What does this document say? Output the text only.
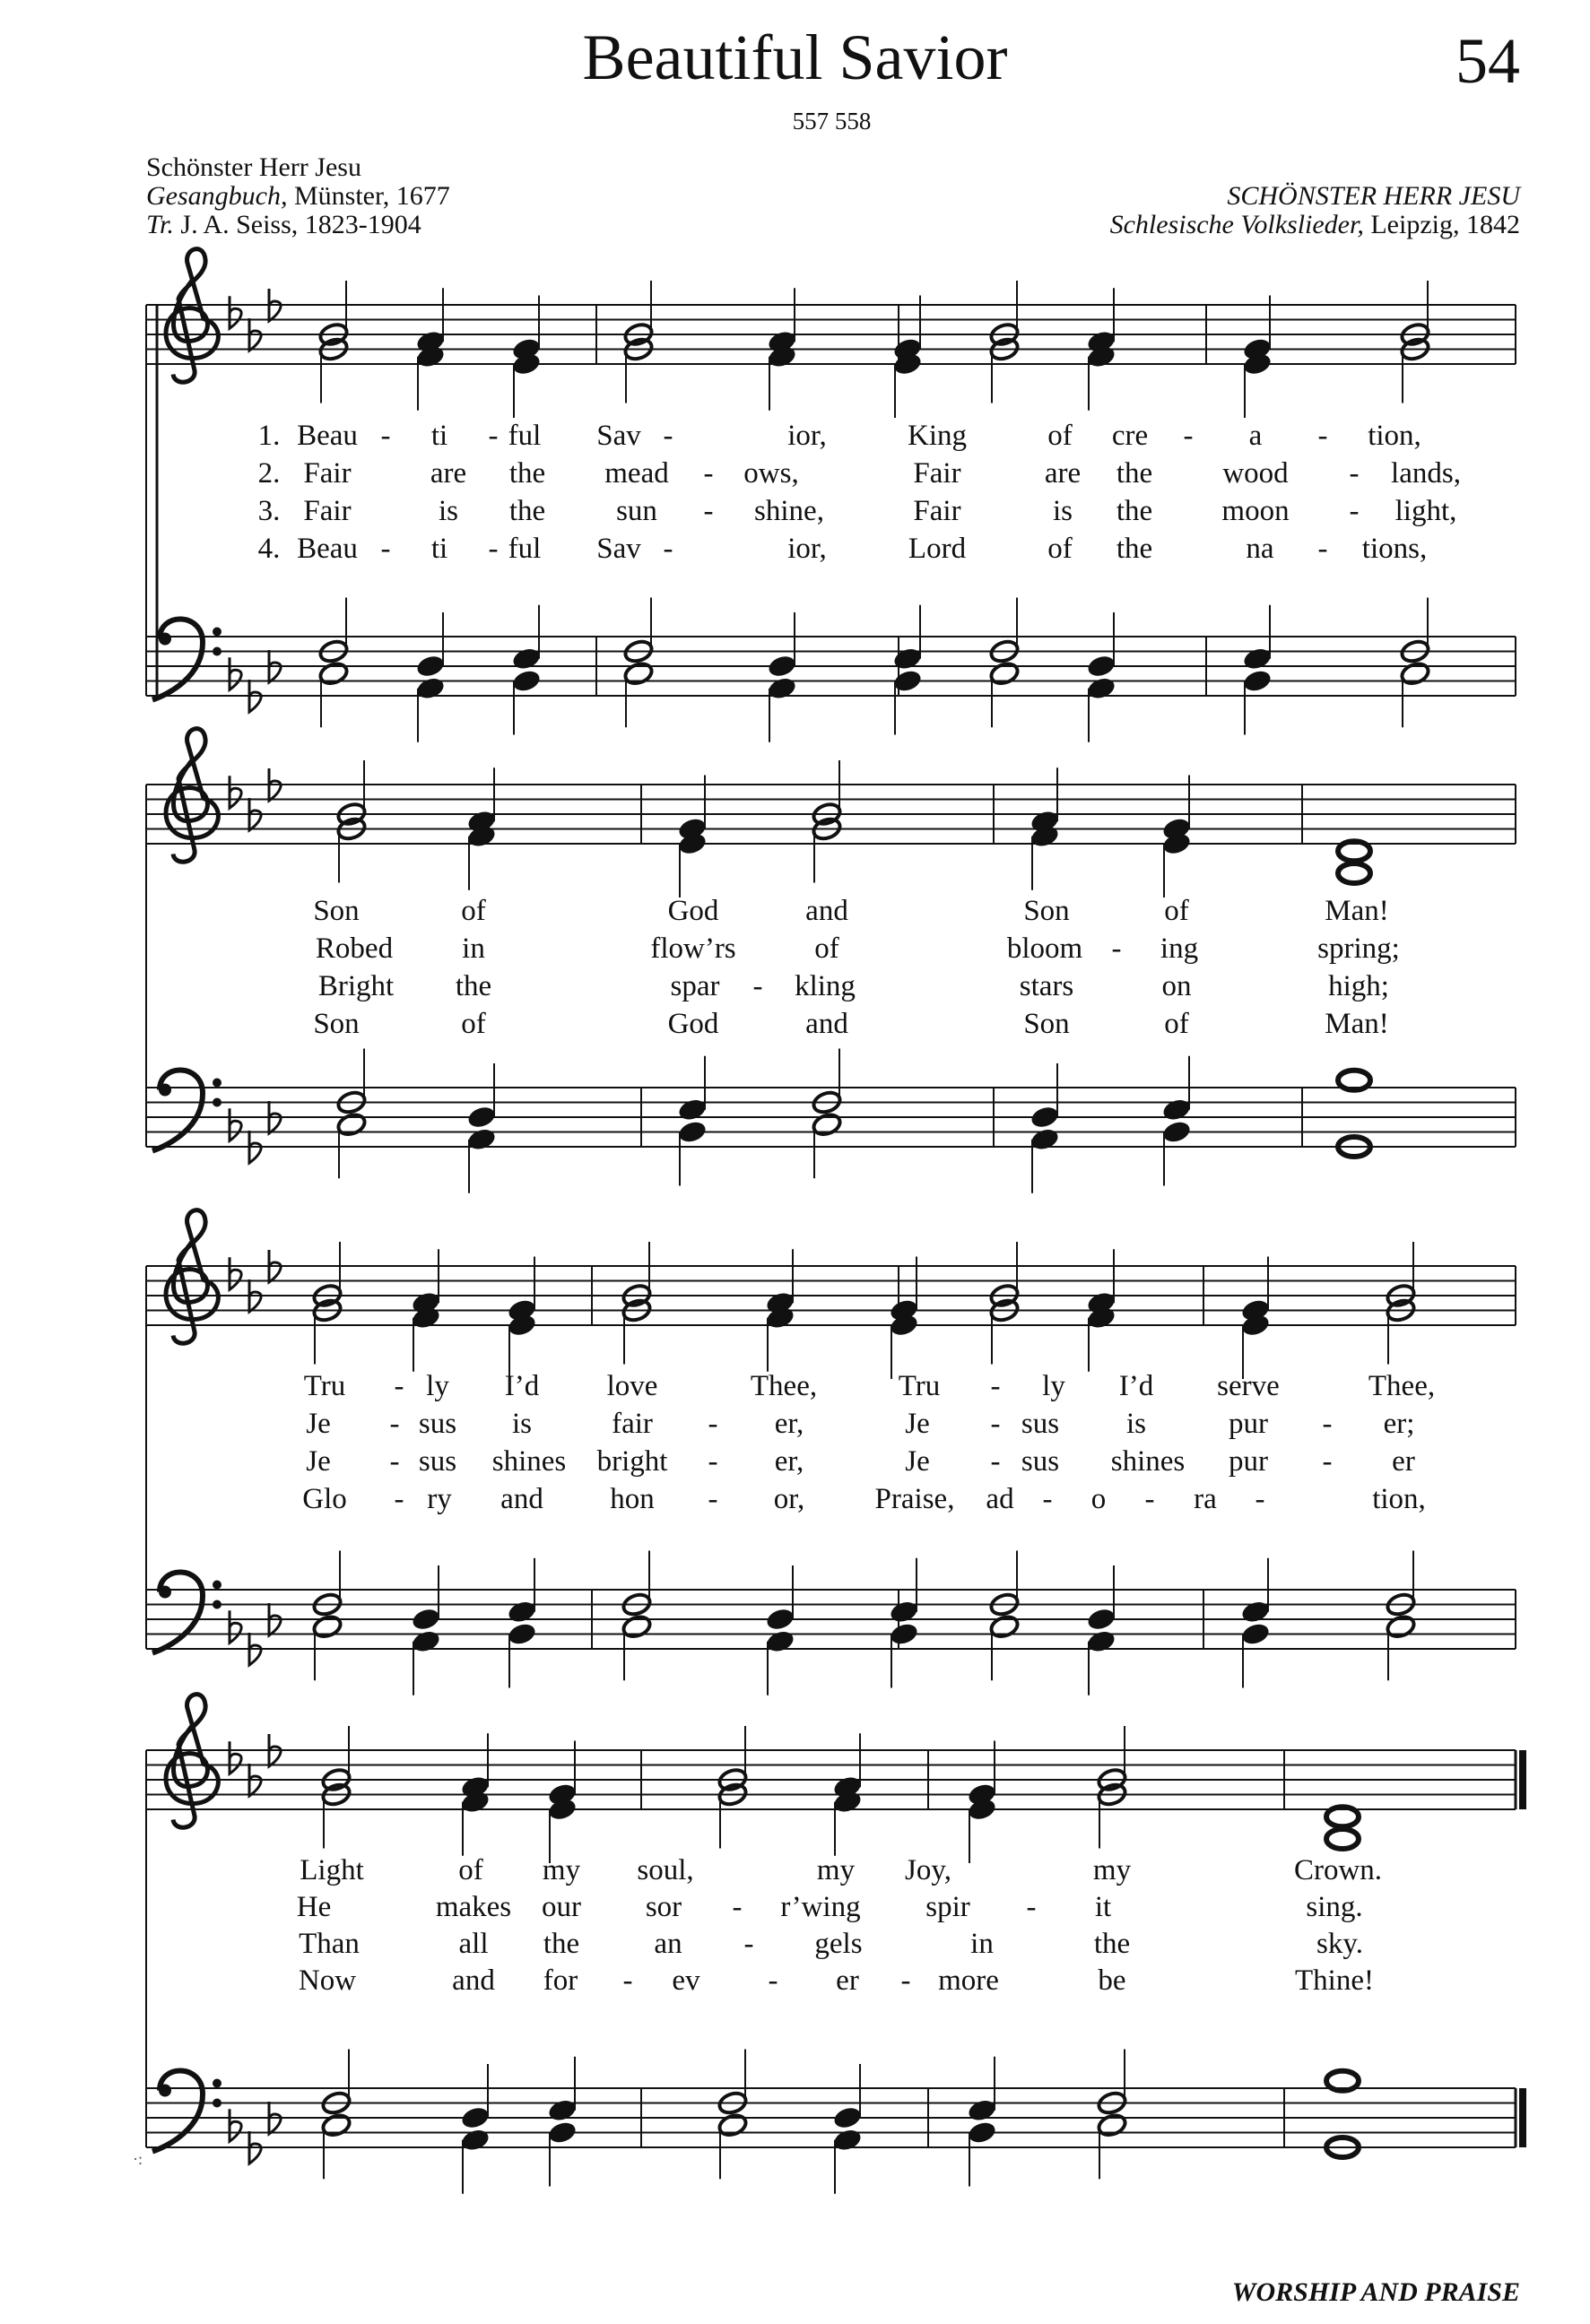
Beautiful Savior	54
557 558
Schönster Herr Jesu
Gesangbuch, Münster, 1677
Tr. J. A. Seiss, 1823-1904
SCHÖNSTER HERR JESU
Schlesische Volkslieder, Leipzig, 1842
1. Beau - ti - ful Sav -	ior,	King	of cre - a - tion,
2. Fair	are the mead - ows,	Fair	are the wood - lands,
3. Fair	is the sun - shine,	Fair	is the moon - light,
4. Beau - ti - ful Sav -	ior,	Lord	of the	na - tions,
Son	of	God	and	Son	of	Man!
Robed in	flow’rs	of	bloom - ing	spring;
Bright the	spar - kling	stars	on	high;
Son	of	God	and	Son	of	Man!
Tru - ly I’d love	Thee,	Tru - ly I’d serve	Thee,
Je - sus is	fair - er,	Je - sus is	pur - er;
Je - sus shines bright - er,	Je - sus shines pur - er
Glo - ry and hon - or, Praise, ad - o - ra -	tion,
Light	of my soul,	my Joy,	my	Crown.
He	makes our sor - r’wing spir - it	sing.
Than	all the	an - gels	in	the	sky.
Now	and for - ev - er - more	be	Thine!
·:
WORSHIP AND PRAISE
